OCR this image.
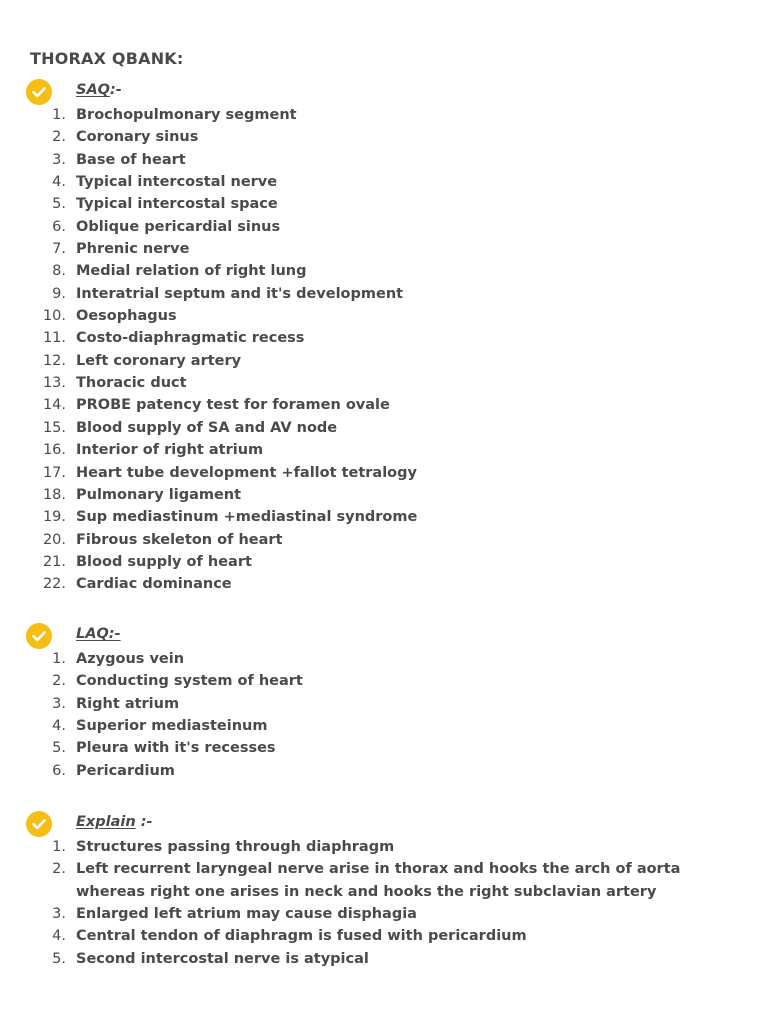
THORAX QBANK:
SAQ:-
1. Brochopulmonary segment
2. Coronary sinus
3. Base of heart
4. Typical intercostal nerve
5. Typical intercostal space
6. Oblique pericardial sinus
7. Phrenic nerve
8. Medial relation of right lung
9. Interatrial septum and it's development
10. Oesophagus
11. Costo-diaphragmatic recess
12. Left coronary artery
13. Thoracic duct
14. PROBE patency test for foramen ovale
15. Blood supply of SA and AV node
16. Interior of right atrium
17. Heart tube development +fallot tetralogy
18. Pulmonary ligament
19. Sup mediastinum +mediastinal syndrome
20. Fibrous skeleton of heart
21. Blood supply of heart
22. Cardiac dominance
LAQ:-
1. Azygous vein
2. Conducting system of heart
3. Right atrium
4. Superior mediasteinum
5. Pleura with it's recesses
6. Pericardium
Explain :-
1. Structures passing through diaphragm
2. Left recurrent laryngeal nerve arise in thorax and hooks the arch of aorta whereas right one arises in neck and hooks the right subclavian artery
3. Enlarged left atrium may cause disphagia
4. Central tendon of diaphragm is fused with pericardium
5. Second intercostal nerve is atypical
